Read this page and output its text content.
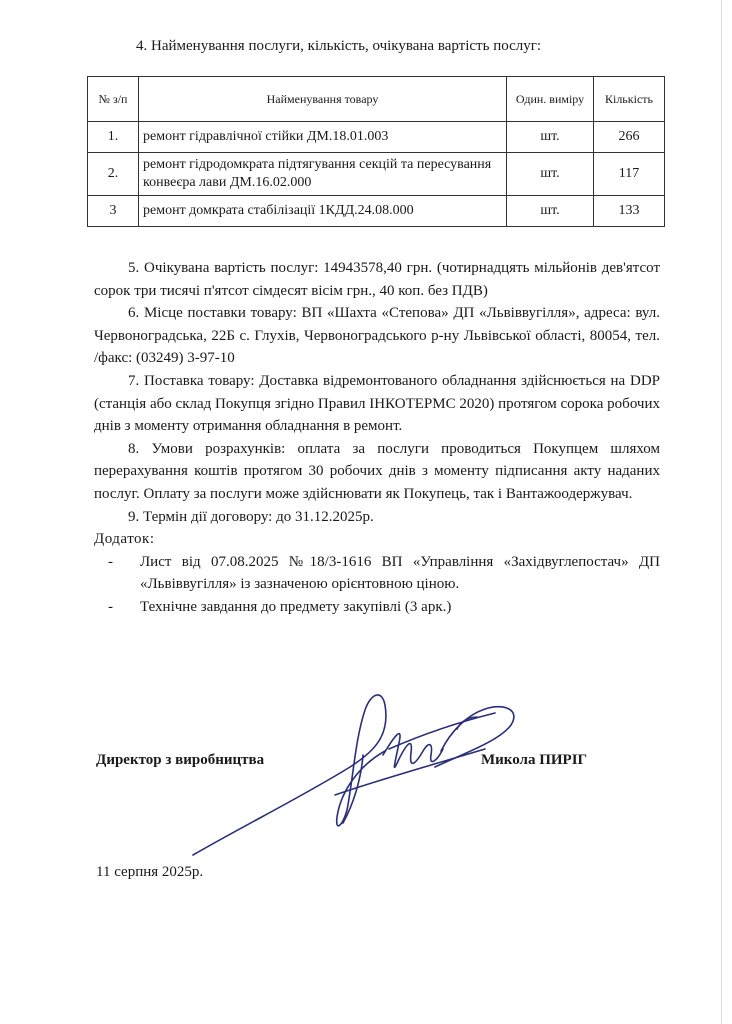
4. Найменування послуги, кількість, очікувана вартість послуг:
№ з/п	Найменування товару	Один. виміру	Кількість
1.	ремонт гідравлічної стійки ДМ.18.01.003	шт.	266
2.	ремонт гідродомкрата підтягування секцій та пересування конвеєра лави ДМ.16.02.000	шт.	117
3	ремонт домкрата стабілізації 1КДД.24.08.000	шт.	133

5. Очікувана вартість послуг: 14943578,40 грн. (чотирнадцять мільйонів дев'ятсот сорок три тисячі п'ятсот сімдесят вісім грн., 40 коп. без ПДВ)

6. Місце поставки товару: ВП «Шахта «Степова» ДП «Львіввугілля», адреса: вул. Червоноградська, 22Б с. Глухів, Червоноградського р-ну Львівської області, 80054, тел. /факс: (03249) 3-97-10

7. Поставка товару: Доставка відремонтованого обладнання здійснюється на DDP (станція або склад Покупця згідно Правил ІНКОТЕРМС 2020) протягом сорока робочих днів з моменту отримання обладнання в ремонт.

8. Умови розрахунків: оплата за послуги проводиться Покупцем шляхом перерахування коштів протягом 30 робочих днів з моменту підписання акту наданих послуг. Оплату за послуги може здійснювати як Покупець, так і Вантажоодержувач.

9. Термін дії договору: до 31.12.2025р.

Додаток:

-	Лист від 07.08.2025 №18/3-1616 ВП «Управління «Західвуглепостач» ДП «Львіввугілля» із зазначеною орієнтовною ціною.
-	Технічне завдання до предмету закупівлі (3 арк.)
Директор з виробництва	Микола ПИРІГ
11 серпня 2025р.
